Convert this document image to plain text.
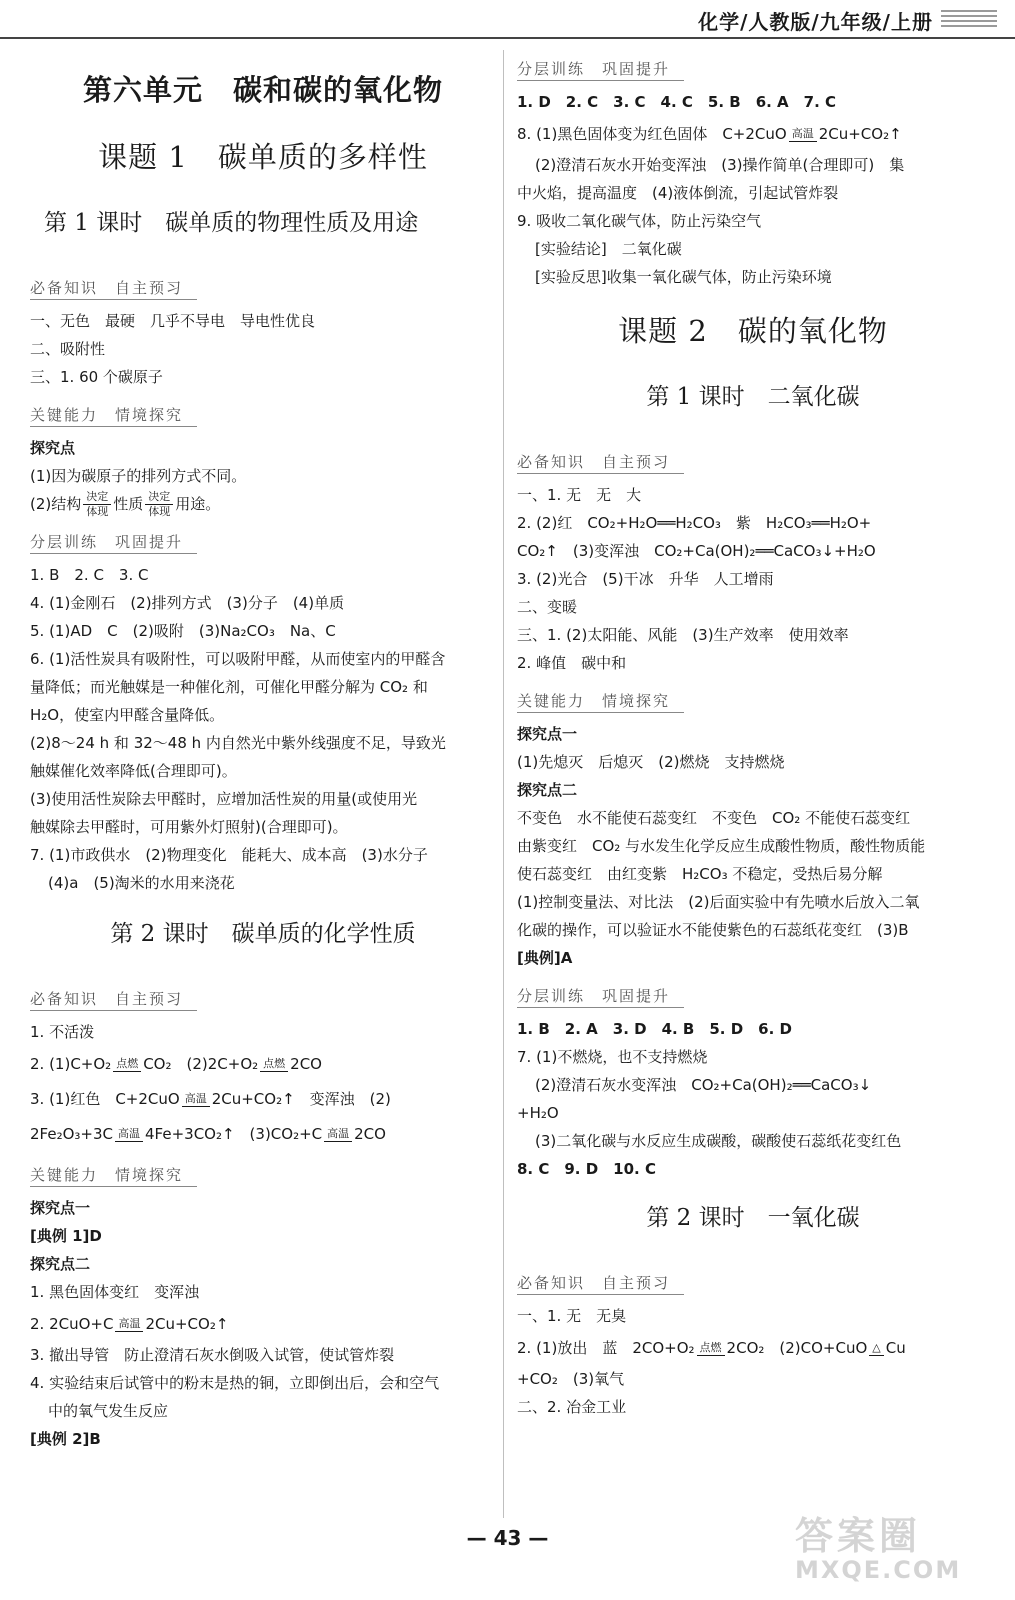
化学/人教版/九年级/上册
第六单元　碳和碳的氧化物
课题 1　碳单质的多样性
第 1 课时　碳单质的物理性质及用途
必备知识　自主预习
一、无色　最硬　几乎不导电　导电性优良
二、吸附性
三、1. 60 个碳原子
关键能力　情境探究
探究点
(1)因为碳原子的排列方式不同。
(2)结构 $\frac{\text{决定}}{\text{体现}}$ 性质 $\frac{\text{决定}}{\text{体现}}$ 用途。
分层训练　巩固提升
1. B　2. C　3. C
4. (1)金刚石　(2)排列方式　(3)分子　(4)单质
5. (1)AD　C　(2)吸附　(3)Na₂CO₃　Na、C
6. (1)活性炭具有吸附性，可以吸附甲醛，从而使室内的甲醛含
量降低；而光触媒是一种催化剂，可催化甲醛分解为 CO₂ 和
H₂O，使室内甲醛含量降低。
(2)8～24 h 和 32～48 h 内自然光中紫外线强度不足，导致光
触媒催化效率降低(合理即可)。
(3)使用活性炭除去甲醛时，应增加活性炭的用量(或使用光
触媒除去甲醛时，可用紫外灯照射)(合理即可)。
7. (1)市政供水　(2)物理变化　能耗大、成本高　(3)水分子
(4)a　(5)淘米的水用来浇花
第 2 课时　碳单质的化学性质
必备知识　自主预习
1. 不活泼
2. (1)C+O₂ 点燃 CO₂　(2)2C+O₂ 点燃 2CO
3. (1)红色　C+2CuO 高温 2Cu+CO₂↑　变浑浊　(2)
2Fe₂O₃+3C 高温 4Fe+3CO₂↑　(3)CO₂+C 高温 2CO
关键能力　情境探究
探究点一
[典例 1]D
探究点二
1. 黑色固体变红　变浑浊
2. 2CuO+C 高温 2Cu+CO₂↑
3. 撤出导管　防止澄清石灰水倒吸入试管，使试管炸裂
4. 实验结束后试管中的粉末是热的铜，立即倒出后，会和空气
中的氧气发生反应
[典例 2]B
分层训练　巩固提升
1. D　2. C　3. C　4. C　5. B　6. A　7. C
8. (1)黑色固体变为红色固体　C+2CuO 高温 2Cu+CO₂↑
(2)澄清石灰水开始变浑浊　(3)操作简单(合理即可)　集
中火焰，提高温度　(4)液体倒流，引起试管炸裂
9. 吸收二氧化碳气体，防止污染空气
[实验结论]　二氧化碳
[实验反思]收集一氧化碳气体，防止污染环境
课题 2　碳的氧化物
第 1 课时　二氧化碳
必备知识　自主预习
一、1. 无　无　大
2. (2)红　CO₂+H₂O══H₂CO₃　紫　H₂CO₃══H₂O+
CO₂↑　(3)变浑浊　CO₂+Ca(OH)₂══CaCO₃↓+H₂O
3. (2)光合　(5)干冰　升华　人工增雨
二、变暖
三、1. (2)太阳能、风能　(3)生产效率　使用效率
2. 峰值　碳中和
关键能力　情境探究
探究点一
(1)先熄灭　后熄灭　(2)燃烧　支持燃烧
探究点二
不变色　水不能使石蕊变红　不变色　CO₂ 不能使石蕊变红
由紫变红　CO₂ 与水发生化学反应生成酸性物质，酸性物质能
使石蕊变红　由红变紫　H₂CO₃ 不稳定，受热后易分解
(1)控制变量法、对比法　(2)后面实验中有先喷水后放入二氧
化碳的操作，可以验证水不能使紫色的石蕊纸花变红　(3)B
[典例]A
分层训练　巩固提升
1. B　2. A　3. D　4. B　5. D　6. D
7. (1)不燃烧，也不支持燃烧
(2)澄清石灰水变浑浊　CO₂+Ca(OH)₂══CaCO₃↓
+H₂O
(3)二氧化碳与水反应生成碳酸，碳酸使石蕊纸花变红色
8. C　9. D　10. C
第 2 课时　一氧化碳
必备知识　自主预习
一、1. 无　无臭
2. (1)放出　蓝　2CO+O₂ 点燃 2CO₂　(2)CO+CuO △ Cu
+CO₂　(3)氧气
二、2. 冶金工业
— 43 —	答案圈
MXQE.COM
